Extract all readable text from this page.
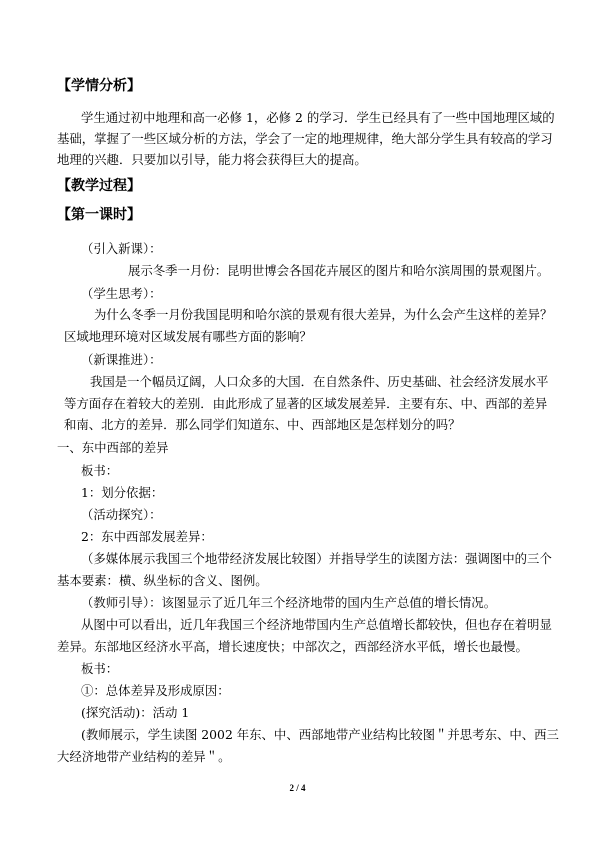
【学情分析】
学生通过初中地理和高一必修 1，必修 2 的学习．学生已经具有了一些中国地理区域的
基础，掌握了一些区域分析的方法，学会了一定的地理规律，绝大部分学生具有较高的学习
地理的兴趣．只要加以引导，能力将会获得巨大的提高。
【教学过程】
【第一课时】
（引入新课）：
展示冬季一月份：昆明世博会各国花卉展区的图片和哈尔滨周围的景观图片。
（学生思考）：
为什么冬季一月份我国昆明和哈尔滨的景观有很大差异，为什么会产生这样的差异？
区域地理环境对区域发展有哪些方面的影响？
（新课推进）：
我国是一个幅员辽阔，人口众多的大国．在自然条件、历史基础、社会经济发展水平
等方面存在着较大的差别．由此形成了显著的区域发展差异．主要有东、中、西部的差异
和南、北方的差异．那么同学们知道东、中、西部地区是怎样划分的吗？
一、东中西部的差异
板书：
1：划分依据：
（活动探究）：
2：东中西部发展差异：
（多媒体展示我国三个地带经济发展比较图）并指导学生的读图方法：强调图中的三个
基本要素：横、纵坐标的含义、图例。
（教师引导）：该图显示了近几年三个经济地带的国内生产总值的增长情况。
从图中可以看出，近几年我国三个经济地带国内生产总值增长都较快，但也存在着明显
差异。东部地区经济水平高，增长速度快；中部次之，西部经济水平低，增长也最慢。
板书：
①：总体差异及形成原因：
(探究活动)：活动 1
(教师展示，学生读图 2002 年东、中、西部地带产业结构比较图＂并思考东、中、西三
大经济地带产业结构的差异＂。
2 / 4
